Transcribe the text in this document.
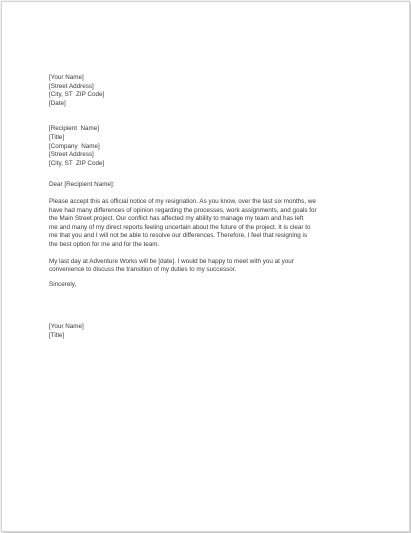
[Your Name]
[Street Address]
[City, ST  ZIP Code]
[Date]
[Recipient  Name]
[Title]
[Company  Name]
[Street Address]
[City, ST  ZIP Code]
Dear [Recipient Name]:
Please accept this as official notice of my resignation. As you know, over the last six months, we
have had many differences of opinion regarding the processes, work assignments, and goals for
the Main Street project. Our conflict has affected my ability to manage my team and has left
me and many of my direct reports feeling uncertain about the future of the project. It is clear to
me that you and I will not be able to resolve our differences. Therefore, I feel that resigning is
the best option for me and for the team.
My last day at Adventure Works will be [date]. I would be happy to meet with you at your
convenience to discuss the transition of my duties to my successor.
Sincerely,
[Your Name]
[Title]
